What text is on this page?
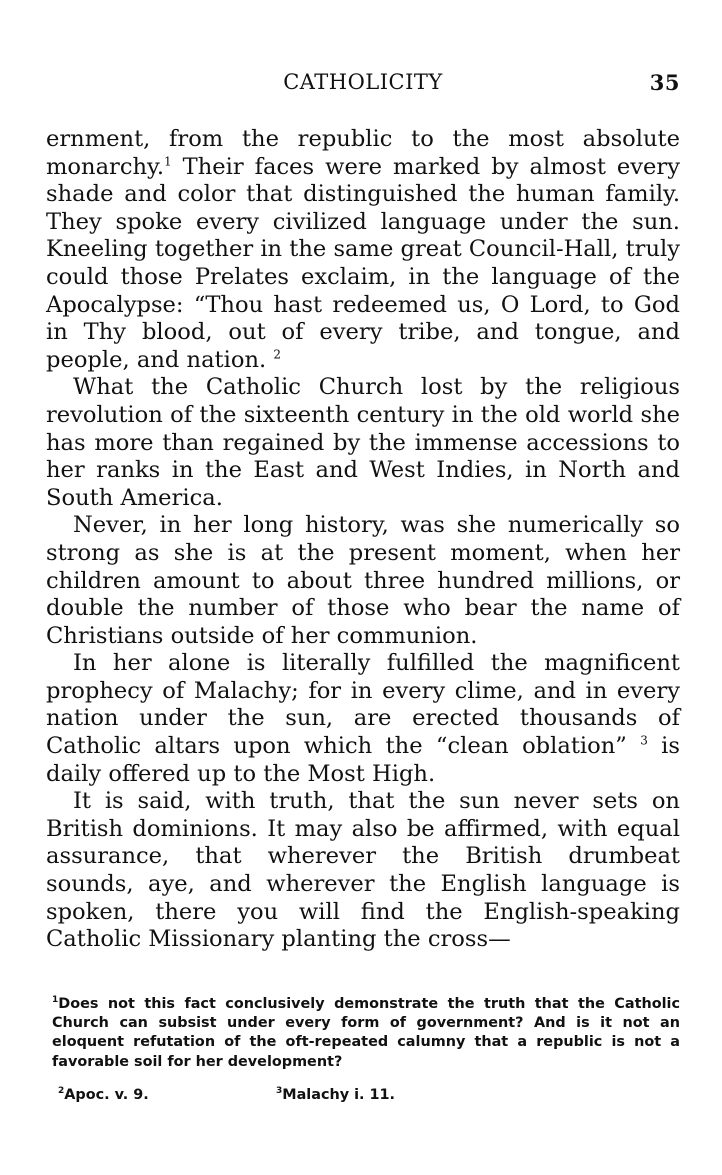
CATHOLICITY	35

ernment, from the republic to the most absolute monarchy.$^1$ Their faces were marked by almost every shade and color that distinguished the human family. They spoke every civilized language under the sun. Kneeling together in the same great Council-Hall, truly could those Prelates exclaim, in the language of the Apocalypse: “Thou hast redeemed us, O Lord, to God in Thy blood, out of every tribe, and tongue, and people, and nation. $^2$

What the Catholic Church lost by the religious revolution of the sixteenth century in the old world she has more than regained by the immense accessions to her ranks in the East and West Indies, in North and South America.

Never, in her long history, was she numerically so strong as she is at the present moment, when her children amount to about three hundred millions, or double the number of those who bear the name of Christians outside of her communion.

In her alone is literally fulfilled the magnificent prophecy of Malachy; for in every clime, and in every nation under the sun, are erected thousands of Catholic altars upon which the “clean oblation” $^3$ is daily offered up to the Most High.

It is said, with truth, that the sun never sets on British dominions. It may also be affirmed, with equal assurance, that wherever the British drumbeat sounds, aye, and wherever the English language is spoken, there you will find the English-speaking Catholic Missionary planting the cross—

$^1$Does not this fact conclusively demonstrate the truth that the Catholic Church can subsist under every form of government? And is it not an eloquent refutation of the oft-repeated calumny that a republic is not a favorable soil for her development?

$^2$Apoc. v. 9.	$^3$Malachy i. 11.
